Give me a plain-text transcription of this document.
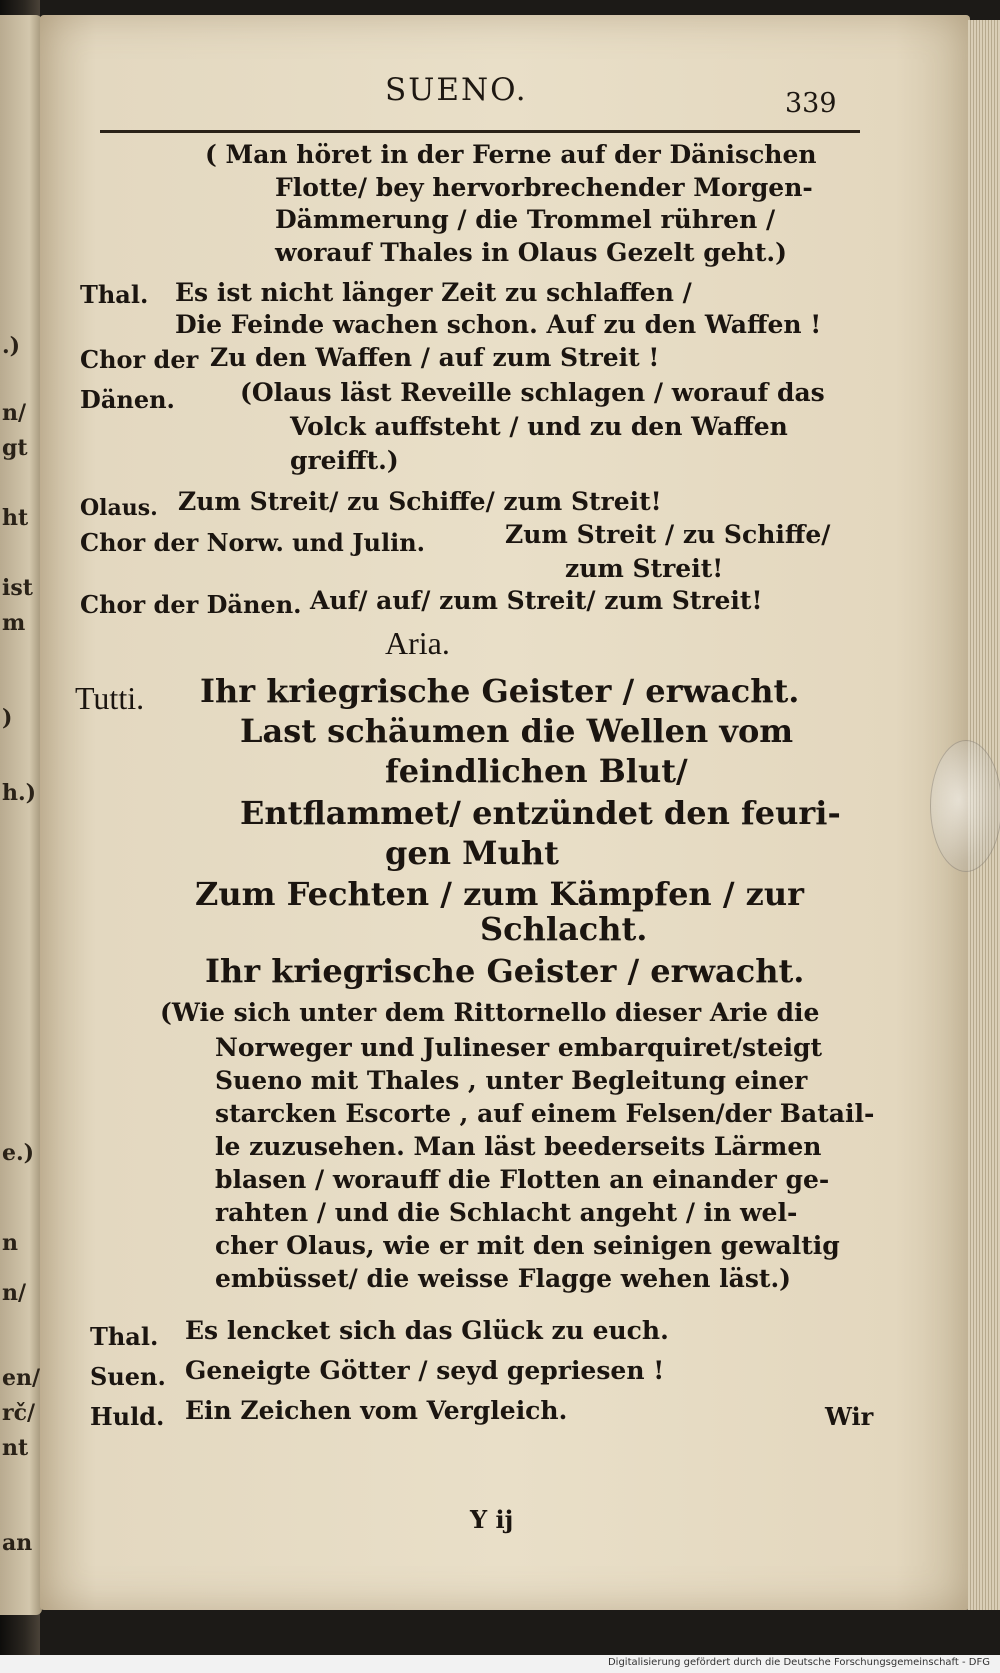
.)
n/
gt
ht
ist
m
)
h.)
e.)
n
n/
en/
rč/
nt
an
SUENO.	339
( Man höret in der Ferne auf der Dänischen
Flotte/ bey hervorbrechender Morgen-
Dämmerung / die Trommel rühren /
worauf Thales in Olaus Gezelt geht.)
Thal. Es ist nicht länger Zeit zu schlaffen /
Die Feinde wachen schon. Auf zu den Waffen !
Chor der Zu den Waffen / auf zum Streit !
Dänen.	(Olaus läst Reveille schlagen / worauf das
Volck auffsteht / und zu den Waffen
greifft.)
Olaus. Zum Streit/ zu Schiffe/ zum Streit!
Chor der Norw. und Julin.	Zum Streit / zu Schiffe/
zum Streit!
Chor der Dänen. Auf/ auf/ zum Streit/ zum Streit!
Aria.
Tutti. Ihr kriegrische Geister / erwacht.
Last schäumen die Wellen vom
feindlichen Blut/
Entflammet/ entzündet den feuri-
gen Muht
Zum Fechten / zum Kämpfen / zur
Schlacht.
Ihr kriegrische Geister / erwacht.
(Wie sich unter dem Rittornello dieser Arie die
Norweger und Julineser embarquiret/steigt
Sueno mit Thales , unter Begleitung einer
starcken Escorte , auf einem Felsen/der Batail-
le zuzusehen. Man läst beederseits Lärmen
blasen / worauff die Flotten an einander ge-
rahten / und die Schlacht angeht / in wel-
cher Olaus, wie er mit den seinigen gewaltig
embüsset/ die weisse Flagge wehen läst.)
Thal. Es lencket sich das Glück zu euch.
Suen. Geneigte Götter / seyd gepriesen !
Huld. Ein Zeichen vom Vergleich.
Y ij
Wir
Digitalisierung gefördert durch die Deutsche Forschungsgemeinschaft - DFG
